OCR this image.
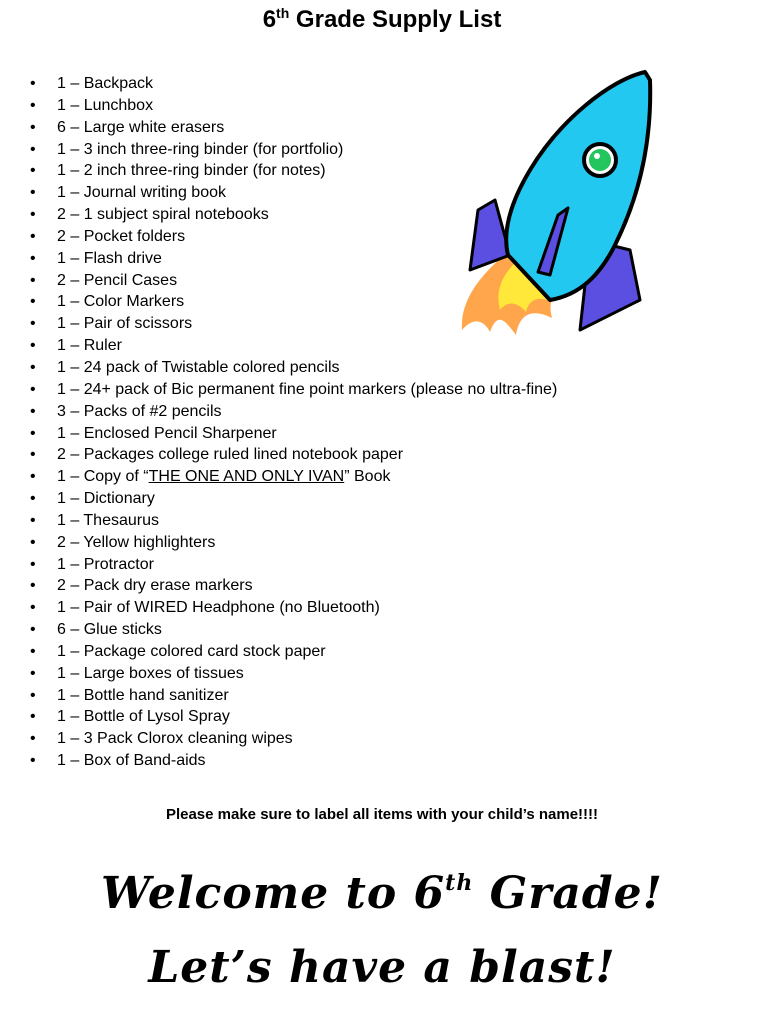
6th Grade Supply List
• 1 – Backpack
• 1 – Lunchbox
• 6 – Large white erasers
• 1 – 3 inch three-ring binder (for portfolio)
• 1 – 2 inch three-ring binder (for notes)
• 1 – Journal writing book
• 2 – 1 subject spiral notebooks
• 2 – Pocket folders
• 1 – Flash drive
• 2 – Pencil Cases
• 1 – Color Markers
• 1 – Pair of scissors
• 1 – Ruler
• 1 – 24 pack of Twistable colored pencils
• 1 – 24+ pack of Bic permanent fine point markers (please no ultra-fine)
• 3 – Packs of #2 pencils
• 1 – Enclosed Pencil Sharpener
• 2 – Packages college ruled lined notebook paper
• 1 – Copy of “THE ONE AND ONLY IVAN” Book
• 1 – Dictionary
• 1 – Thesaurus
• 2 – Yellow highlighters
• 1 – Protractor
• 2 – Pack dry erase markers
• 1 – Pair of WIRED Headphone (no Bluetooth)
• 6 – Glue sticks
• 1 – Package colored card stock paper
• 1 – Large boxes of tissues
• 1 – Bottle hand sanitizer
• 1 – Bottle of Lysol Spray
• 1 – 3 Pack Clorox cleaning wipes
• 1 – Box of Band-aids
Please make sure to label all items with your child’s name!!!!
Welcome to 6th Grade!
Let’s have a blast!
